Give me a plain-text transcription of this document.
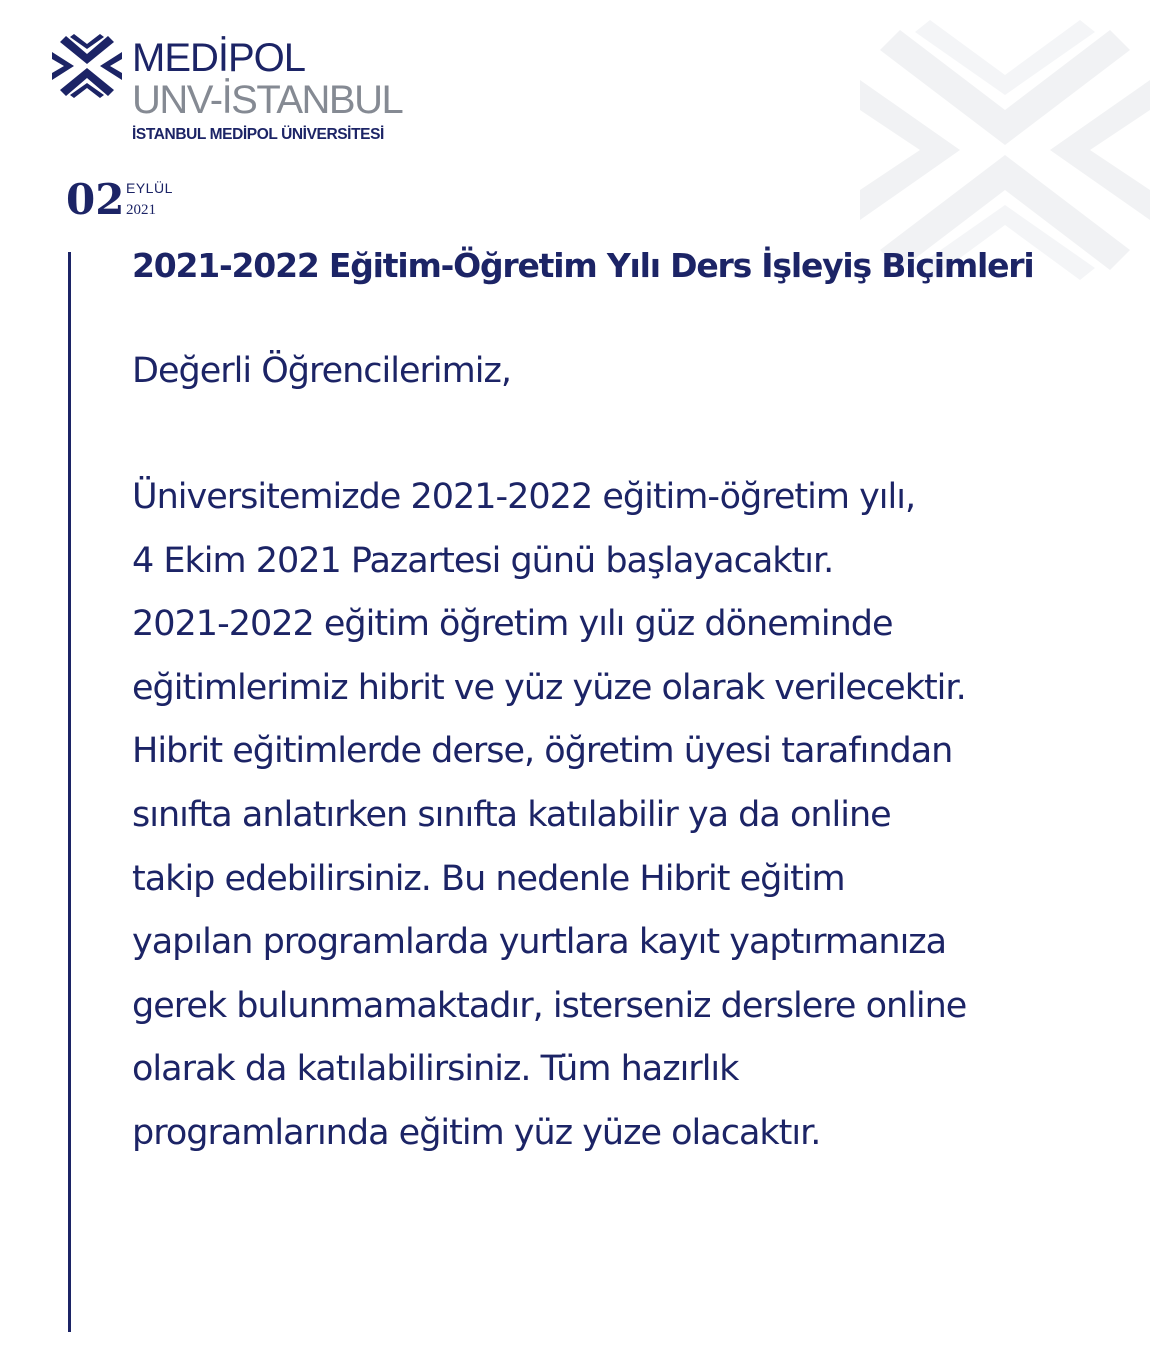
MEDİPOL
UNV-İSTANBUL
İSTANBUL MEDİPOL ÜNİVERSİTESİ
02 EYLÜL
2021
2021-2022 Eğitim-Öğretim Yılı Ders İşleyiş Biçimleri
Değerli Öğrencilerimiz,
Üniversitemizde 2021-2022 eğitim-öğretim yılı,
4 Ekim 2021 Pazartesi günü başlayacaktır.
2021-2022 eğitim öğretim yılı güz döneminde
eğitimlerimiz hibrit ve yüz yüze olarak verilecektir.
Hibrit eğitimlerde derse, öğretim üyesi tarafından
sınıfta anlatırken sınıfta katılabilir ya da online
takip edebilirsiniz. Bu nedenle Hibrit eğitim
yapılan programlarda yurtlara kayıt yaptırmanıza
gerek bulunmamaktadır, isterseniz derslere online
olarak da katılabilirsiniz. Tüm hazırlık
programlarında eğitim yüz yüze olacaktır.
